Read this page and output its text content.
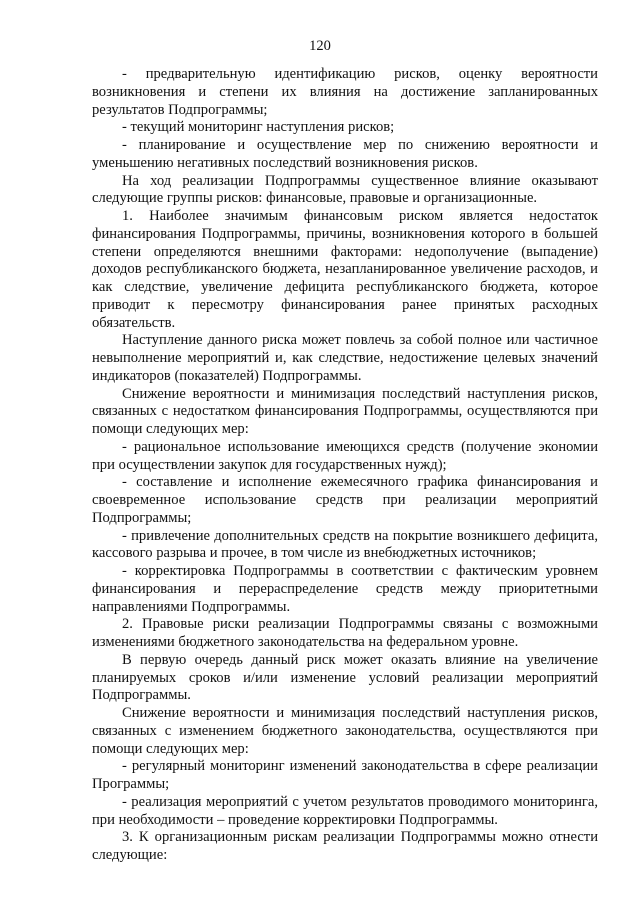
120

- предварительную идентификацию рисков, оценку вероятности возникновения и степени их влияния на достижение запланированных результатов Подпрограммы;

- текущий мониторинг наступления рисков;

- планирование и осуществление мер по снижению вероятности и уменьшению негативных последствий возникновения рисков.

На ход реализации Подпрограммы существенное влияние оказывают следующие группы рисков: финансовые, правовые и организационные.

1. Наиболее значимым финансовым риском является недостаток финансирования Подпрограммы, причины, возникновения которого в большей степени определяются внешними факторами: недополучение (выпадение) доходов республиканского бюджета, незапланированное увеличение расходов, и как следствие, увеличение дефицита республиканского бюджета, которое приводит к пересмотру финансирования ранее принятых расходных обязательств.

Наступление данного риска может повлечь за собой полное или частичное невыполнение мероприятий и, как следствие, недостижение целевых значений индикаторов (показателей) Подпрограммы.

Снижение вероятности и минимизация последствий наступления рисков, связанных с недостатком финансирования Подпрограммы, осуществляются при помощи следующих мер:

- рациональное использование имеющихся средств (получение экономии при осуществлении закупок для государственных нужд);

- составление и исполнение ежемесячного графика финансирования и своевременное использование средств при реализации мероприятий Подпрограммы;

- привлечение дополнительных средств на покрытие возникшего дефицита, кассового разрыва и прочее, в том числе из внебюджетных источников;

- корректировка Подпрограммы в соответствии с фактическим уровнем финансирования и перераспределение средств между приоритетными направлениями Подпрограммы.

2. Правовые риски реализации Подпрограммы связаны с возможными изменениями бюджетного законодательства на федеральном уровне.

В первую очередь данный риск может оказать влияние на увеличение планируемых сроков и/или изменение условий реализации мероприятий Подпрограммы.

Снижение вероятности и минимизация последствий наступления рисков, связанных с изменением бюджетного законодательства, осуществляются при помощи следующих мер:

- регулярный мониторинг изменений законодательства в сфере реализации Программы;

- реализация мероприятий с учетом результатов проводимого мониторинга, при необходимости – проведение корректировки Подпрограммы.

3. К организационным рискам реализации Подпрограммы можно отнести следующие:
